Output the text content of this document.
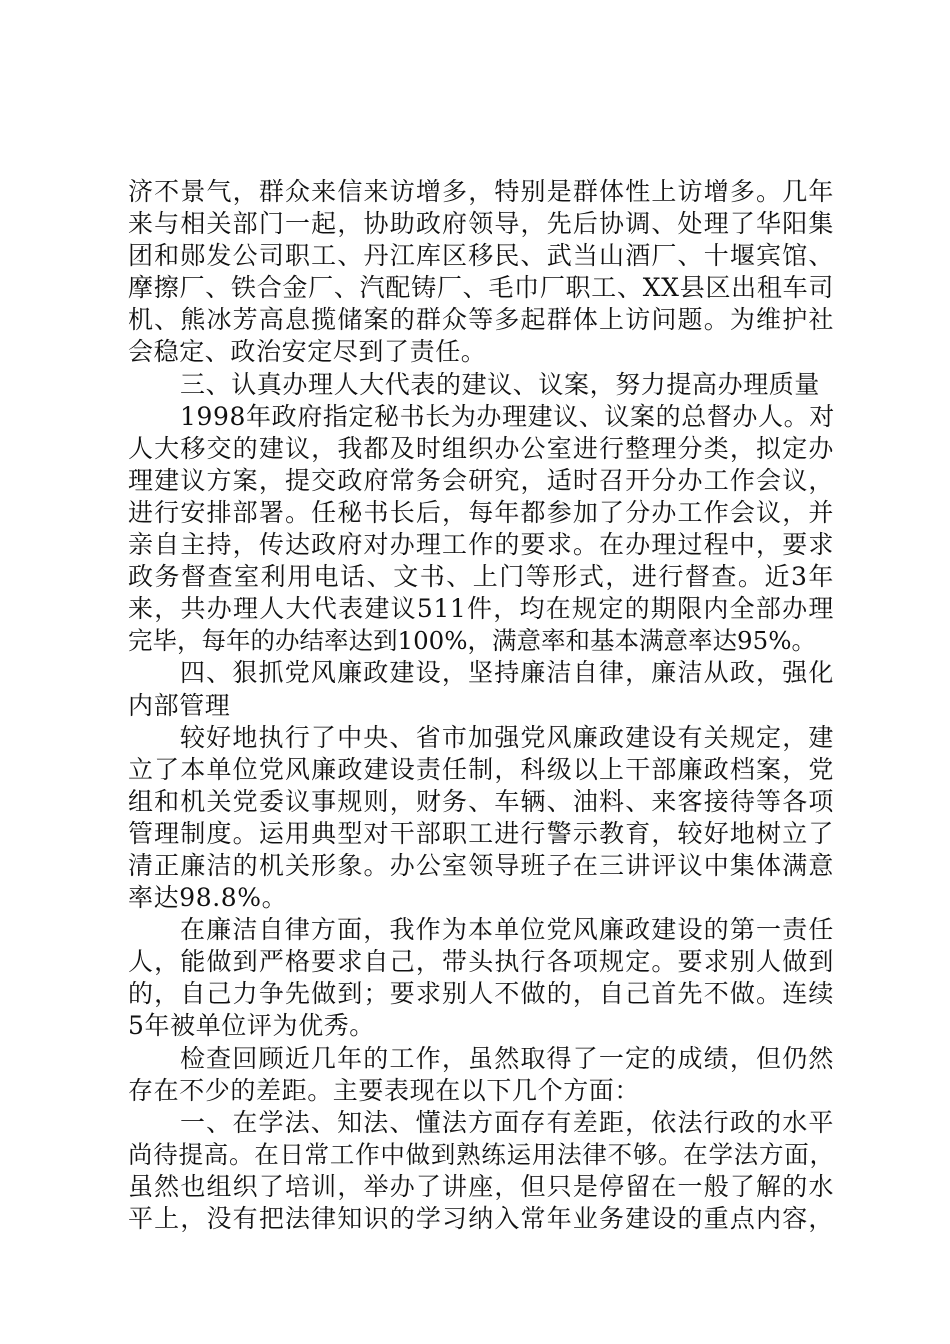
济不景气，群众来信来访增多，特别是群体性上访增多。几年
来与相关部门一起，协助政府领导，先后协调、处理了华阳集
团和郧发公司职工、丹江库区移民、武当山酒厂、十堰宾馆、
摩擦厂、铁合金厂、汽配铸厂、毛巾厂职工、XX县区出租车司
机、熊冰芳高息揽储案的群众等多起群体上访问题。为维护社
会稳定、政治安定尽到了责任。
三、认真办理人大代表的建议、议案，努力提高办理质量
1998年政府指定秘书长为办理建议、议案的总督办人。对
人大移交的建议，我都及时组织办公室进行整理分类，拟定办
理建议方案，提交政府常务会研究，适时召开分办工作会议，
进行安排部署。任秘书长后，每年都参加了分办工作会议，并
亲自主持，传达政府对办理工作的要求。在办理过程中，要求
政务督查室利用电话、文书、上门等形式，进行督查。近3年
来，共办理人大代表建议511件，均在规定的期限内全部办理
完毕，每年的办结率达到100%，满意率和基本满意率达95%。
四、狠抓党风廉政建设，坚持廉洁自律，廉洁从政，强化
内部管理
较好地执行了中央、省市加强党风廉政建设有关规定，建
立了本单位党风廉政建设责任制，科级以上干部廉政档案，党
组和机关党委议事规则，财务、车辆、油料、来客接待等各项
管理制度。运用典型对干部职工进行警示教育，较好地树立了
清正廉洁的机关形象。办公室领导班子在三讲评议中集体满意
率达98.8%。
在廉洁自律方面，我作为本单位党风廉政建设的第一责任
人，能做到严格要求自己，带头执行各项规定。要求别人做到
的，自己力争先做到；要求别人不做的，自己首先不做。连续
5年被单位评为优秀。
检查回顾近几年的工作，虽然取得了一定的成绩，但仍然
存在不少的差距。主要表现在以下几个方面：
一、在学法、知法、懂法方面存有差距，依法行政的水平
尚待提高。在日常工作中做到熟练运用法律不够。在学法方面，
虽然也组织了培训，举办了讲座，但只是停留在一般了解的水
平上，没有把法律知识的学习纳入常年业务建设的重点内容，
